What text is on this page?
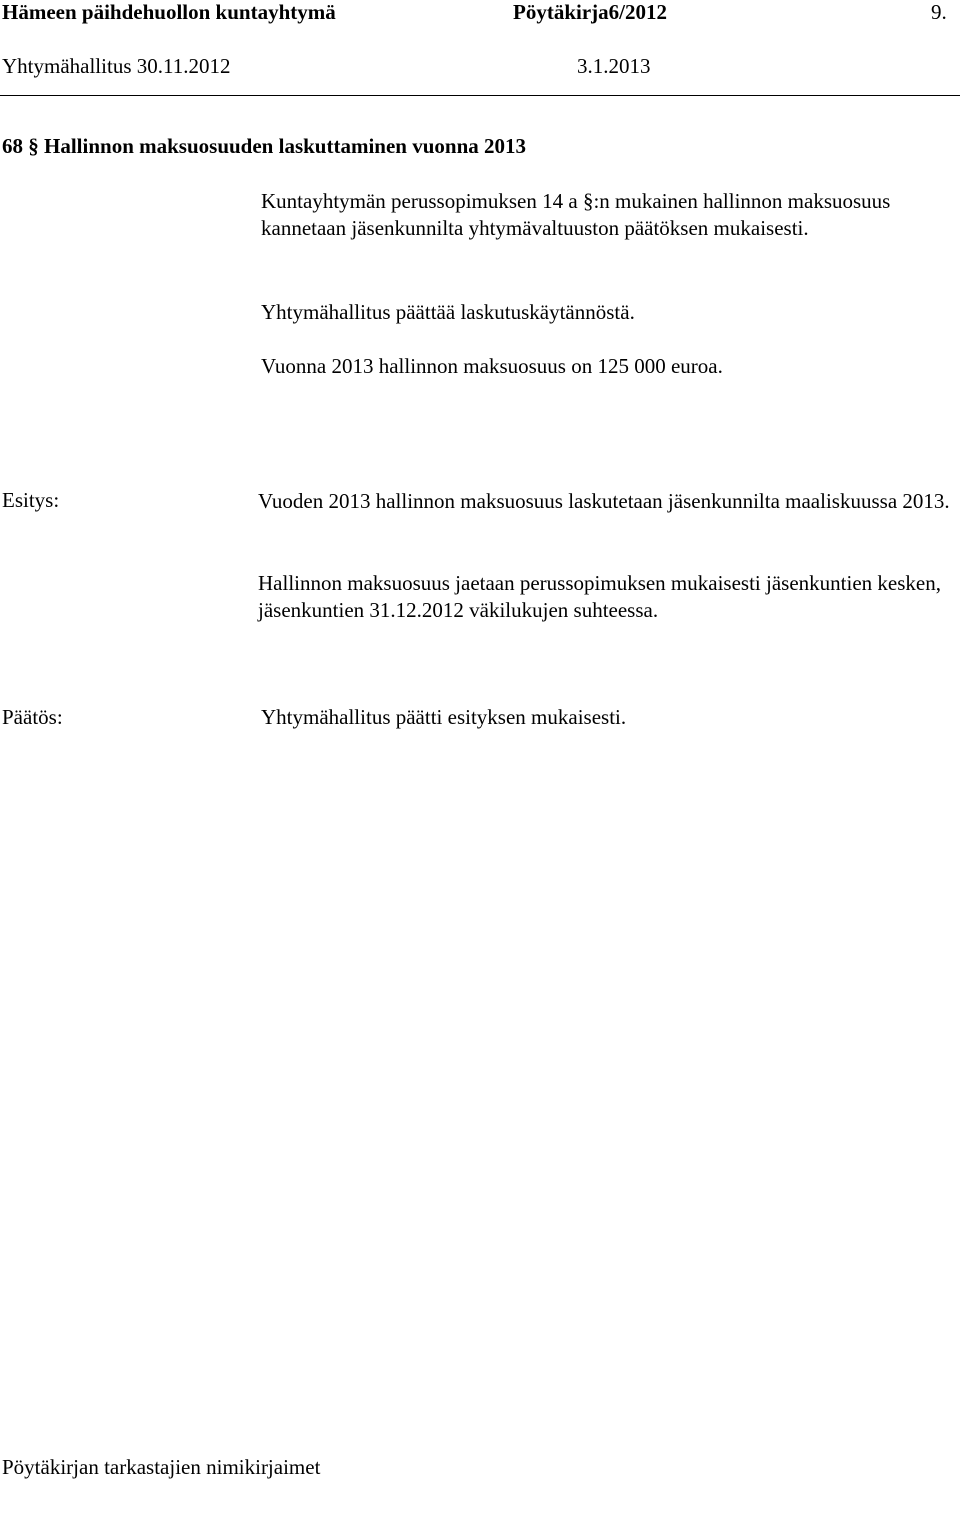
Hämeen päihdehuollon kuntayhtymä	Pöytäkirja6/2012	9.
Yhtymähallitus 30.11.2012	3.1.2013
68 § Hallinnon maksuosuuden laskuttaminen vuonna 2013
Kuntayhtymän perussopimuksen 14 a §:n mukainen hallinnon maksuosuus kannetaan jäsenkunnilta yhtymävaltuuston päätöksen mukaisesti.
Yhtymähallitus päättää laskutuskäytännöstä.
Vuonna 2013 hallinnon maksuosuus on 125 000 euroa.
Esitys:	Vuoden 2013 hallinnon maksuosuus laskutetaan jäsenkunnilta maaliskuussa 2013.
Hallinnon maksuosuus jaetaan perussopimuksen mukaisesti jäsenkuntien kesken, jäsenkuntien 31.12.2012 väkilukujen suhteessa.
Päätös:	Yhtymähallitus päätti esityksen mukaisesti.
Pöytäkirjan tarkastajien nimikirjaimet
